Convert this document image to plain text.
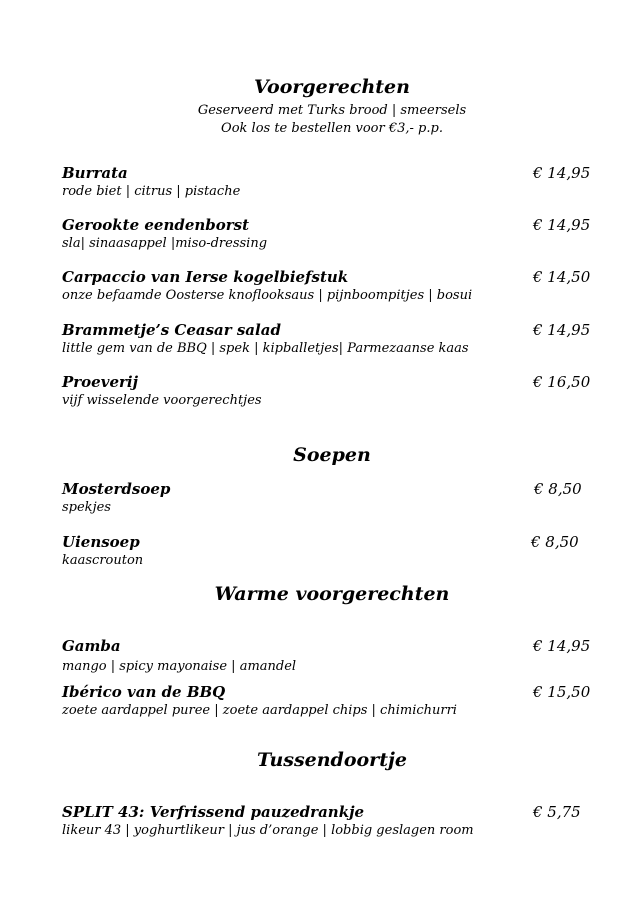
Voorgerechten

Geserveerd met Turks brood | smeersels

Ook los te bestellen voor €3,- p.p.

Burrata
rode biet | citrus | pistache
€ 14,95
Gerookte eendenborst
sla| sinaasappel |miso-dressing
€ 14,95
Carpaccio van Ierse kogelbiefstuk
onze befaamde Oosterse knoflooksaus | pijnboompitjes | bosui
€ 14,50
Brammetje’s Ceasar salad
little gem van de BBQ | spek | kipballetjes| Parmezaanse kaas
€ 14,95
Proeverij
vijf wisselende voorgerechtjes
€ 16,50
Soepen
Mosterdsoep
spekjes
€ 8,50
Uiensoep
kaascrouton
€ 8,50
Warme voorgerechten
Gamba
mango | spicy mayonaise | amandel
€ 14,95
Ibérico van de BBQ
zoete aardappel puree | zoete aardappel chips | chimichurri
€ 15,50
Tussendoortje
SPLIT 43: Verfrissend pauzedrankje
likeur 43 | yoghurtlikeur | jus d’orange | lobbig geslagen room
€ 5,75
